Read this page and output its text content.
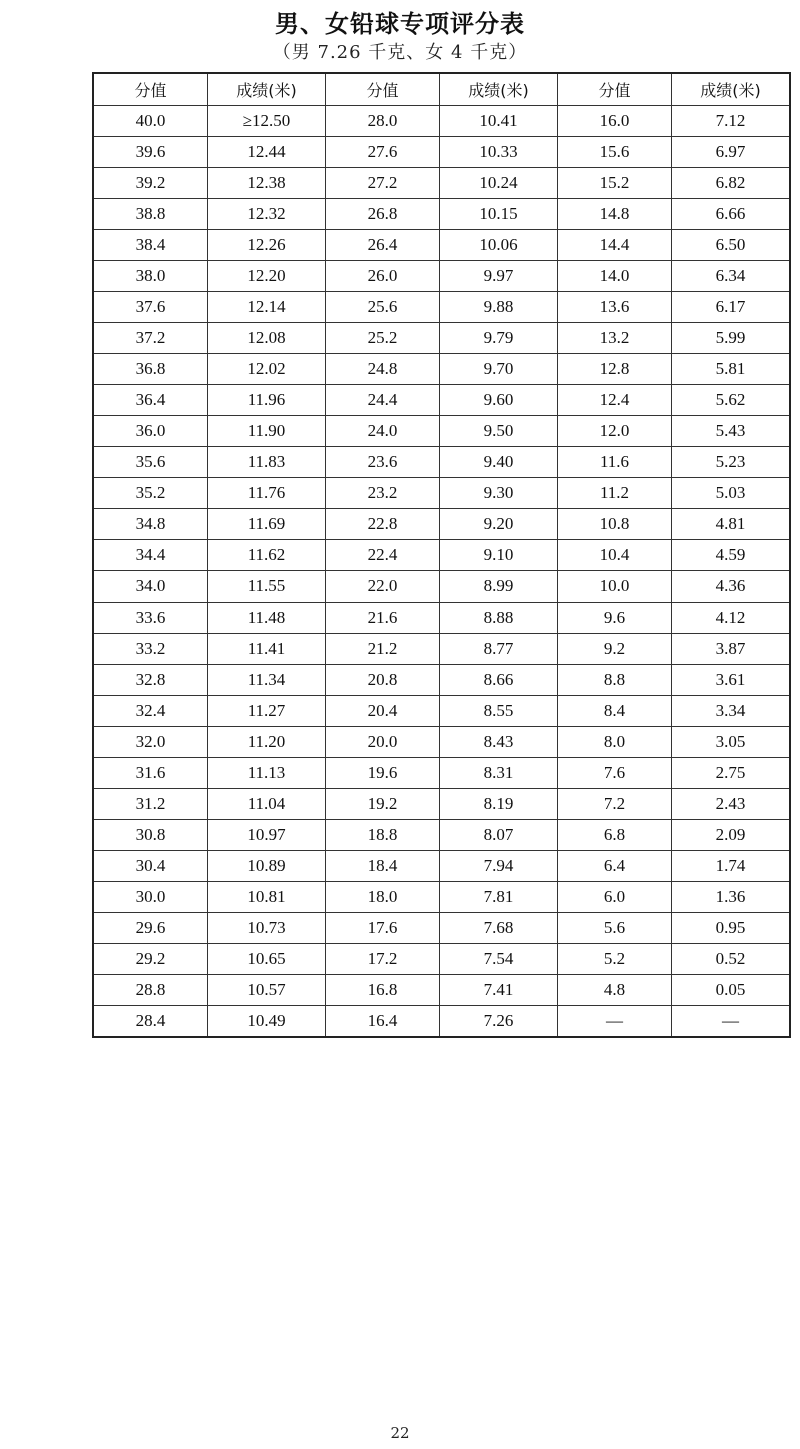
男、女铅球专项评分表
（男 7.26 千克、女 4 千克）
分值	成绩(米)	分值	成绩(米)	分值	成绩(米)
40.0	≥12.50	28.0	10.41	16.0	7.12
39.6	12.44	27.6	10.33	15.6	6.97
39.2	12.38	27.2	10.24	15.2	6.82
38.8	12.32	26.8	10.15	14.8	6.66
38.4	12.26	26.4	10.06	14.4	6.50
38.0	12.20	26.0	9.97	14.0	6.34
37.6	12.14	25.6	9.88	13.6	6.17
37.2	12.08	25.2	9.79	13.2	5.99
36.8	12.02	24.8	9.70	12.8	5.81
36.4	11.96	24.4	9.60	12.4	5.62
36.0	11.90	24.0	9.50	12.0	5.43
35.6	11.83	23.6	9.40	11.6	5.23
35.2	11.76	23.2	9.30	11.2	5.03
34.8	11.69	22.8	9.20	10.8	4.81
34.4	11.62	22.4	9.10	10.4	4.59
34.0	11.55	22.0	8.99	10.0	4.36
33.6	11.48	21.6	8.88	9.6	4.12
33.2	11.41	21.2	8.77	9.2	3.87
32.8	11.34	20.8	8.66	8.8	3.61
32.4	11.27	20.4	8.55	8.4	3.34
32.0	11.20	20.0	8.43	8.0	3.05
31.6	11.13	19.6	8.31	7.6	2.75
31.2	11.04	19.2	8.19	7.2	2.43
30.8	10.97	18.8	8.07	6.8	2.09
30.4	10.89	18.4	7.94	6.4	1.74
30.0	10.81	18.0	7.81	6.0	1.36
29.6	10.73	17.6	7.68	5.6	0.95
29.2	10.65	17.2	7.54	5.2	0.52
28.8	10.57	16.8	7.41	4.8	0.05
28.4	10.49	16.4	7.26	—	—
22
